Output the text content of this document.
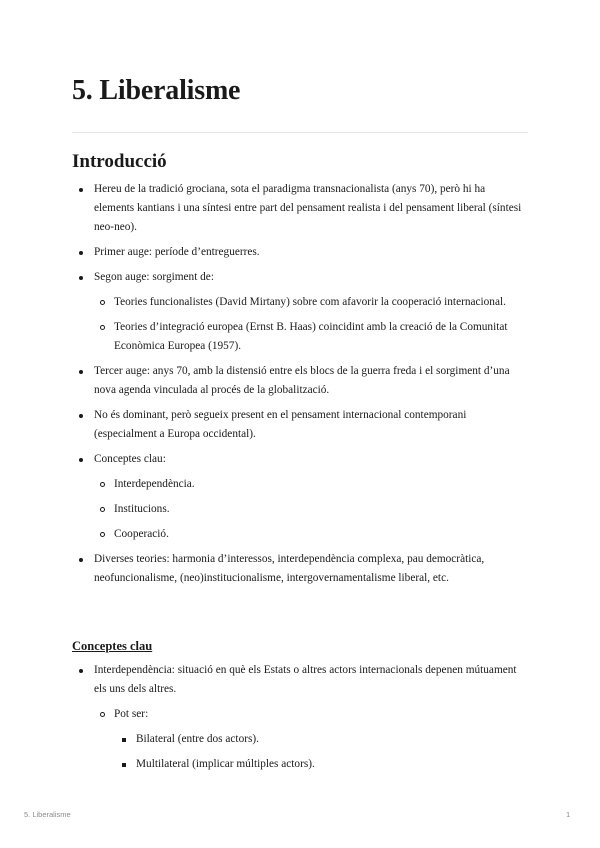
5. Liberalisme
Introducció
Hereu de la tradició grociana, sota el paradigma transnacionalista (anys 70), però hi ha elements kantians i una síntesi entre part del pensament realista i del pensament liberal (síntesi neo-neo).
Primer auge: període d’entreguerres.
Segon auge: sorgiment de:
Teories funcionalistes (David Mirtany) sobre com afavorir la cooperació internacional.
Teories d’integració europea (Ernst B. Haas) coincidint amb la creació de la Comunitat Econòmica Europea (1957).
Tercer auge: anys 70, amb la distensió entre els blocs de la guerra freda i el sorgiment d’una nova agenda vinculada al procés de la globalització.
No és dominant, però segueix present en el pensament internacional contemporani (especialment a Europa occidental).
Conceptes clau:
Interdependència.
Institucions.
Cooperació.
Diverses teories: harmonia d’interessos, interdependència complexa, pau democràtica, neofuncionalisme, (neo)institucionalisme, intergovernamentalisme liberal, etc.
Conceptes clau
Interdependència: situació en què els Estats o altres actors internacionals depenen mútuament els uns dels altres.
Pot ser:
Bilateral (entre dos actors).
Multilateral (implicar múltiples actors).
5. Liberalisme	1
